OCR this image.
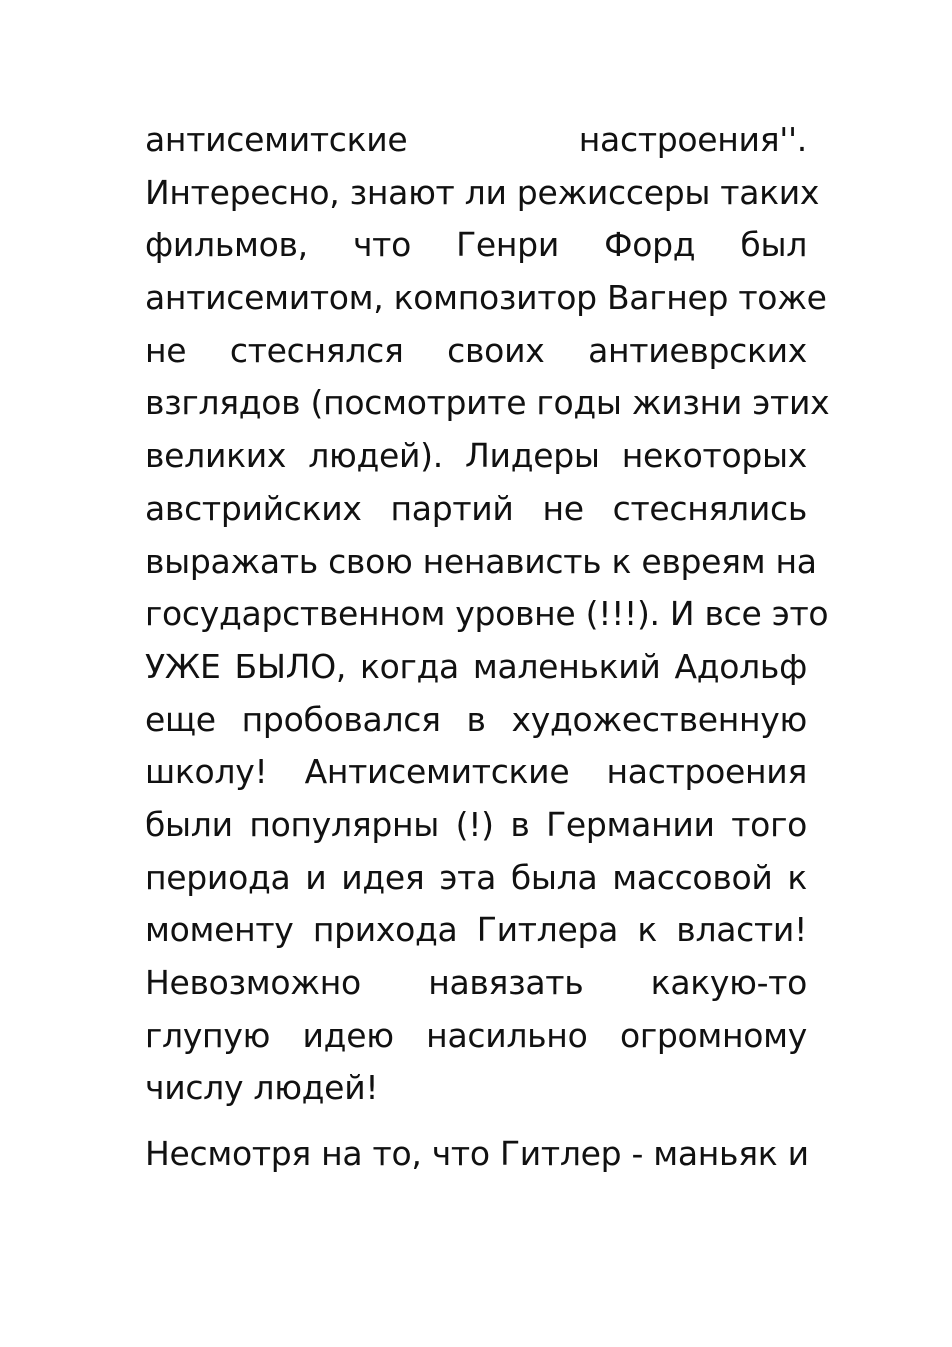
антисемитские настроения''.
Интересно, знают ли режиссеры таких
фильмов, что Генри Форд был
антисемитом, композитор Вагнер тоже
не стеснялся своих антиеврских
взглядов (посмотрите годы жизни этих
великих людей). Лидеры некоторых
австрийских партий не стеснялись
выражать свою ненависть к евреям на
государственном уровне (!!!). И все это
УЖЕ БЫЛО, когда маленький Адольф
еще пробовался в художественную
школу! Антисемитские настроения
были популярны (!) в Германии того
периода и идея эта была массовой к
моменту прихода Гитлера к власти!
Невозможно навязать какую-то
глупую идею насильно огромному
числу людей!
Несмотря на то, что Гитлер - маньяк и
